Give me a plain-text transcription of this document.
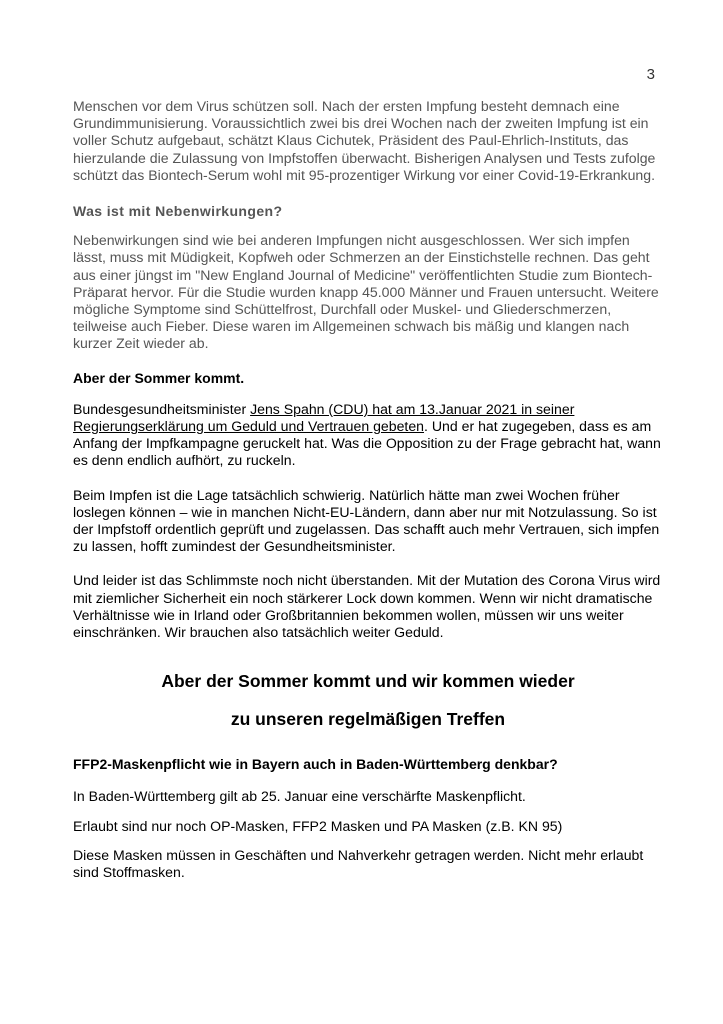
3

Menschen vor dem Virus schützen soll. Nach der ersten Impfung besteht demnach eine Grundimmunisierung. Voraussichtlich zwei bis drei Wochen nach der zweiten Impfung ist ein voller Schutz aufgebaut, schätzt Klaus Cichutek, Präsident des Paul-Ehrlich-Instituts, das hierzulande die Zulassung von Impfstoffen überwacht. Bisherigen Analysen und Tests zufolge schützt das Biontech-Serum wohl mit 95-prozentiger Wirkung vor einer Covid-19-Erkrankung.

Was ist mit Nebenwirkungen?

Nebenwirkungen sind wie bei anderen Impfungen nicht ausgeschlossen. Wer sich impfen lässt, muss mit Müdigkeit, Kopfweh oder Schmerzen an der Einstichstelle rechnen. Das geht aus einer jüngst im "New England Journal of Medicine" veröffentlichten Studie zum Biontech-Präparat hervor. Für die Studie wurden knapp 45.000 Männer und Frauen untersucht. Weitere mögliche Symptome sind Schüttelfrost, Durchfall oder Muskel- und Gliederschmerzen, teilweise auch Fieber. Diese waren im Allgemeinen schwach bis mäßig und klangen nach kurzer Zeit wieder ab.

Aber der Sommer kommt.

Bundesgesundheitsminister Jens Spahn (CDU) hat am 13.Januar 2021 in seiner Regierungserklärung um Geduld und Vertrauen gebeten. Und er hat zugegeben, dass es am Anfang der Impfkampagne geruckelt hat. Was die Opposition zu der Frage gebracht hat, wann es denn endlich aufhört, zu ruckeln.

Beim Impfen ist die Lage tatsächlich schwierig. Natürlich hätte man zwei Wochen früher loslegen können – wie in manchen Nicht-EU-Ländern, dann aber nur mit Notzulassung. So ist der Impfstoff ordentlich geprüft und zugelassen. Das schafft auch mehr Vertrauen, sich impfen zu lassen, hofft zumindest der Gesundheitsminister.

Und leider ist das Schlimmste noch nicht überstanden. Mit der Mutation des Corona Virus wird mit ziemlicher Sicherheit ein noch stärkerer Lock down kommen. Wenn wir nicht dramatische Verhältnisse wie in Irland oder Großbritannien bekommen wollen, müssen wir uns weiter einschränken. Wir brauchen also tatsächlich weiter Geduld.

Aber der Sommer kommt und wir kommen wieder

zu unseren regelmäßigen Treffen

FFP2-Maskenpflicht wie in Bayern auch in Baden-Württemberg denkbar?

In Baden-Württemberg gilt ab 25. Januar eine verschärfte Maskenpflicht.

Erlaubt sind nur noch OP-Masken, FFP2 Masken und PA Masken (z.B. KN 95)

Diese Masken müssen in Geschäften und Nahverkehr getragen werden. Nicht mehr erlaubt sind Stoffmasken.
